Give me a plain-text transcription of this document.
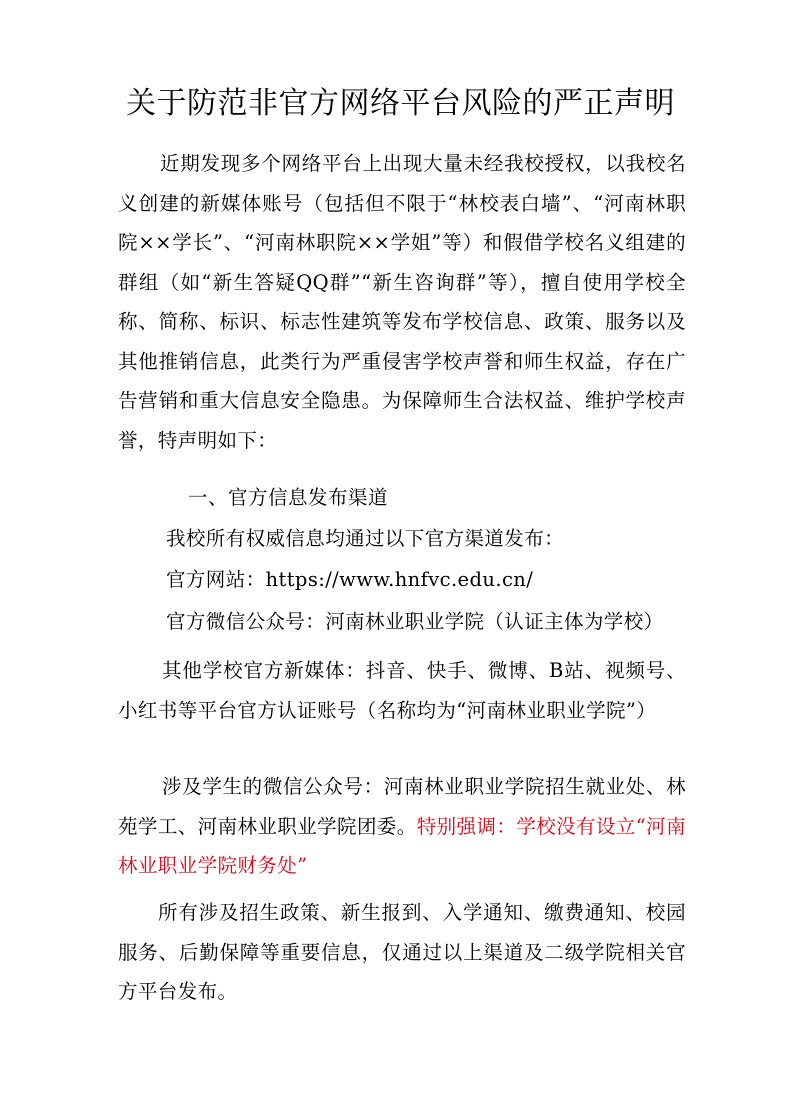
关于防范非官方网络平台风险的严正声明
近期发现多个网络平台上出现大量未经我校授权，以我校名义创建的新媒体账号（包括但不限于“林校表白墙”、“河南林职院××学长”、“河南林职院××学姐”等）和假借学校名义组建的群组（如“新生答疑QQ群”“新生咨询群”等），擅自使用学校全称、简称、标识、标志性建筑等发布学校信息、政策、服务以及其他推销信息，此类行为严重侵害学校声誉和师生权益，存在广告营销和重大信息安全隐患。为保障师生合法权益、维护学校声誉，特声明如下：
一、官方信息发布渠道
我校所有权威信息均通过以下官方渠道发布：
官方网站：https://www.hnfvc.edu.cn/
官方微信公众号：河南林业职业学院（认证主体为学校）
其他学校官方新媒体：抖音、快手、微博、B站、视频号、小红书等平台官方认证账号（名称均为“河南林业职业学院”）
涉及学生的微信公众号：河南林业职业学院招生就业处、林苑学工、河南林业职业学院团委。特别强调：学校没有设立“河南林业职业学院财务处”
所有涉及招生政策、新生报到、入学通知、缴费通知、校园服务、后勤保障等重要信息，仅通过以上渠道及二级学院相关官方平台发布。
